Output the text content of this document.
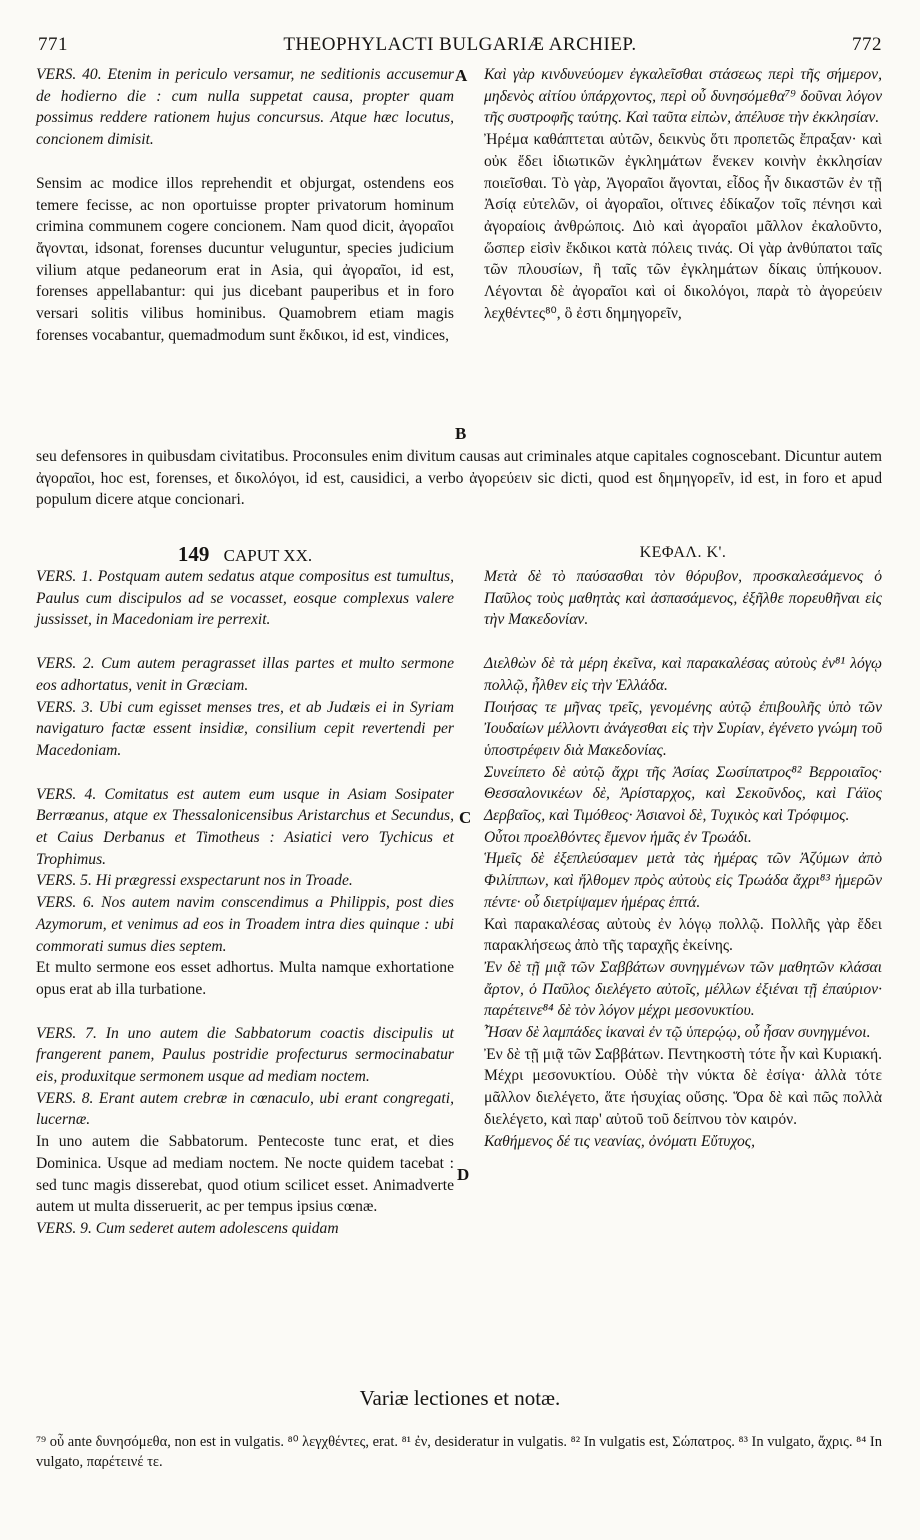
771	THEOPHYLACTI BULGARIÆ ARCHIEP.	772

VERS. 40. Etenim in periculo versamur, ne seditionis accusemur de hodierno die : cum nulla suppetat causa, propter quam possimus reddere rationem hujus concursus. Atque hæc locutus, concionem dimisit.

Sensim ac modice illos reprehendit et objurgat, ostendens eos temere fecisse, ac non oportuisse propter privatorum hominum crimina communem cogere concionem. Nam quod dicit, ἀγοραῖοι ἄγονται, idsonat, forenses ducuntur veluguntur, species judicium vilium atque pedaneorum erat in Asia, qui ἀγοραῖοι, id est, forenses appellabantur: qui jus dicebant pauperibus et in foro versari solitis vilibus hominibus. Quamobrem etiam magis forenses vocabantur, quemadmodum sunt ἔκδικοι, id est, vindices,

Καὶ γὰρ κινδυνεύομεν ἐγκαλεῖσθαι στάσεως περὶ τῆς σήμερον, μηδενὸς αἰτίου ὑπάρχοντος, περὶ οὗ δυνησόμεθα⁷⁹ δοῦναι λόγον τῆς συστροφῆς ταύτης. Καὶ ταῦτα εἰπὼν, ἀπέλυσε τὴν ἐκκλησίαν.

Ἠρέμα καθάπτεται αὐτῶν, δεικνὺς ὅτι προπετῶς ἔπραξαν· καὶ οὐκ ἔδει ἰδιωτικῶν ἐγκλημάτων ἕνεκεν κοινὴν ἐκκλησίαν ποιεῖσθαι. Τὸ γὰρ, Ἀγοραῖοι ἄγονται, εἶδος ἦν δικαστῶν ἐν τῇ Ἀσίᾳ εὐτελῶν, οἱ ἀγοραῖοι, οἵτινες ἐδίκαζον τοῖς πένησι καὶ ἀγοραίοις ἀνθρώποις. Διὸ καὶ ἀγοραῖοι μᾶλλον ἐκαλοῦντο, ὥσπερ εἰσὶν ἔκδικοι κατὰ πόλεις τινάς. Οἱ γὰρ ἀνθύπατοι ταῖς τῶν πλουσίων, ἢ ταῖς τῶν ἐγκλημάτων δίκαις ὑπήκουον. Λέγονται δὲ ἀγοραῖοι καὶ οἱ δικολόγοι, παρὰ τὸ ἀγορεύειν λεχθέντες⁸⁰, ὃ ἐστι δημηγορεῖν,

seu defensores in quibusdam civitatibus. Proconsules enim divitum causas aut criminales atque capitales cognoscebant. Dicuntur autem ἀγοραῖοι, hoc est, forenses, et δικολόγοι, id est, causidici, a verbo ἀγορεύειν sic dicti, quod est δημηγορεῖν, id est, in foro et apud populum dicere atque concionari.

A
B
C
D
149 CAPUT XX.	ΚΕΦΑΛ. Κ'.

VERS. 1. Postquam autem sedatus atque compositus est tumultus, Paulus cum discipulos ad se vocasset, eosque complexus valere jussisset, in Macedoniam ire perrexit.

VERS. 2. Cum autem peragrasset illas partes et multo sermone eos adhortatus, venit in Græciam.

VERS. 3. Ubi cum egisset menses tres, et ab Judæis ei in Syriam navigaturo factæ essent insidiæ, consilium cepit revertendi per Macedoniam.

VERS. 4. Comitatus est autem eum usque in Asiam Sosipater Berrœanus, atque ex Thessalonicensibus Aristarchus et Secundus, et Caius Derbanus et Timotheus : Asiatici vero Tychicus et Trophimus.

VERS. 5. Hi prægressi exspectarunt nos in Troade.

VERS. 6. Nos autem navim conscendimus a Philippis, post dies Azymorum, et venimus ad eos in Troadem intra dies quinque : ubi commorati sumus dies septem.

Et multo sermone eos esset adhortus. Multa namque exhortatione opus erat ab illa turbatione.

VERS. 7. In uno autem die Sabbatorum coactis discipulis ut frangerent panem, Paulus postridie profecturus sermocinabatur eis, produxitque sermonem usque ad mediam noctem.

VERS. 8. Erant autem crebræ in cœnaculo, ubi erant congregati, lucernæ.

In uno autem die Sabbatorum. Pentecoste tunc erat, et dies Dominica. Usque ad mediam noctem. Ne nocte quidem tacebat : sed tunc magis disserebat, quod otium scilicet esset. Animadverte autem ut multa disseruerit, ac per tempus ipsius cœnæ.

VERS. 9. Cum sederet autem adolescens quidam

Μετὰ δὲ τὸ παύσασθαι τὸν θόρυβον, προσκαλεσάμενος ὁ Παῦλος τοὺς μαθητὰς καὶ ἀσπασάμενος, ἐξῆλθε πορευθῆναι εἰς τὴν Μακεδονίαν.

Διελθὼν δὲ τὰ μέρη ἐκεῖνα, καὶ παρακαλέσας αὐτοὺς ἐν⁸¹ λόγῳ πολλῷ, ἦλθεν εἰς τὴν Ἑλλάδα.

Ποιήσας τε μῆνας τρεῖς, γενομένης αὐτῷ ἐπιβουλῆς ὑπὸ τῶν Ἰουδαίων μέλλοντι ἀνάγεσθαι εἰς τὴν Συρίαν, ἐγένετο γνώμη τοῦ ὑποστρέφειν διὰ Μακεδονίας.

Συνείπετο δὲ αὐτῷ ἄχρι τῆς Ἀσίας Σωσίπατρος⁸² Βερροιαῖος· Θεσσαλονικέων δὲ, Ἀρίσταρχος, καὶ Σεκοῦνδος, καὶ Γάϊος Δερβαῖος, καὶ Τιμόθεος· Ἀσιανοὶ δὲ, Τυχικὸς καὶ Τρόφιμος.

Οὗτοι προελθόντες ἔμενον ἡμᾶς ἐν Τρωάδι.

Ἡμεῖς δὲ ἐξεπλεύσαμεν μετὰ τὰς ἡμέρας τῶν Ἀζύμων ἀπὸ Φιλίππων, καὶ ἤλθομεν πρὸς αὐτοὺς εἰς Τρωάδα ἄχρι⁸³ ἡμερῶν πέντε· οὗ διετρίψαμεν ἡμέρας ἑπτά.

Καὶ παρακαλέσας αὐτοὺς ἐν λόγῳ πολλῷ. Πολλῆς γὰρ ἔδει παρακλήσεως ἀπὸ τῆς ταραχῆς ἐκείνης.

Ἐν δὲ τῇ μιᾷ τῶν Σαββάτων συνηγμένων τῶν μαθητῶν κλάσαι ἄρτον, ὁ Παῦλος διελέγετο αὐτοῖς, μέλλων ἐξιέναι τῇ ἐπαύριον· παρέτεινε⁸⁴ δὲ τὸν λόγον μέχρι μεσονυκτίου.

Ἦσαν δὲ λαμπάδες ἱκαναὶ ἐν τῷ ὑπερῴῳ, οὗ ἦσαν συνηγμένοι.

Ἐν δὲ τῇ μιᾷ τῶν Σαββάτων. Πεντηκοστὴ τότε ἦν καὶ Κυριακή. Μέχρι μεσονυκτίου. Οὐδὲ τὴν νύκτα δὲ ἐσίγα· ἀλλὰ τότε μᾶλλον διελέγετο, ἅτε ἡσυχίας οὔσης. Ὅρα δὲ καὶ πῶς πολλὰ διελέγετο, καὶ παρ' αὐτοῦ τοῦ δείπνου τὸν καιρόν.

Καθήμενος δέ τις νεανίας, ὀνόματι Εὔτυχος,

Variæ lectiones et notæ.
⁷⁹ οὗ ante δυνησόμεθα, non est in vulgatis. ⁸⁰ λεγχθέντες, erat. ⁸¹ ἐν, desideratur in vulgatis. ⁸² In vulgatis est, Σώπατρος. ⁸³ In vulgato, ἄχρις. ⁸⁴ In vulgato, παρέτεινέ τε.
